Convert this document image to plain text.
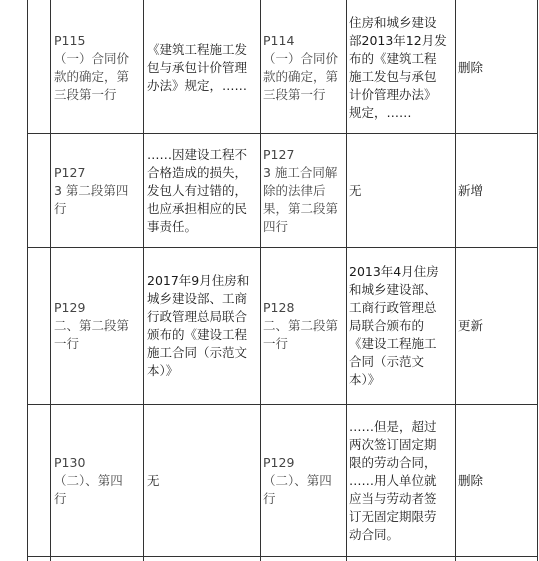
P115
（一）合同价
款的确定，第
三段第一行
《建筑工程施工发
包与承包计价管理
办法》规定，……
P114
（一）合同价
款的确定，第
三段第一行
住房和城乡建设
部2013年12月发
布的《建筑工程
施工发包与承包
计价管理办法》
规定，……
删除
P127
3 第二段第四
行
……因建设工程不
合格造成的损失，
发包人有过错的，
也应承担相应的民
事责任。
P127
3 施工合同解
除的法律后
果，第二段第
四行
无	新增
P129
二、第二段第
一行
2017年9月住房和
城乡建设部、工商
行政管理总局联合
颁布的《建设工程
施工合同（示范文
本）》
P128
二、第二段第
一行
2013年4月住房
和城乡建设部、
工商行政管理总
局联合颁布的
《建设工程施工
合同（示范文
本）》
更新
P130
（二）、第四
行
无
P129
（二）、第四
行
……但是，超过
两次签订固定期
限的劳动合同，
……用人单位就
应当与劳动者签
订无固定期限劳
动合同。
删除
